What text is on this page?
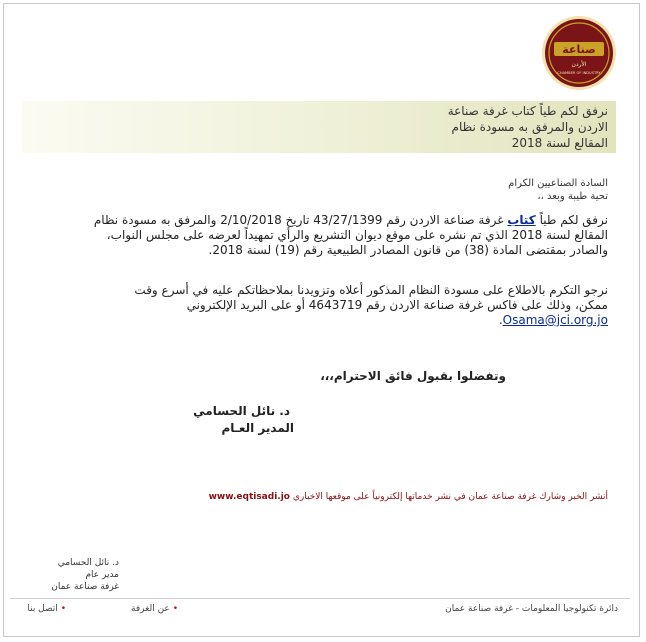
صناعة
الأردن
CHAMBER OF INDUSTRY
نرفق لكم طياً كتاب غرفة صناعة
الاردن والمرفق به مسودة نظام
المقالع لسنة 2018
السادة الصناعيين الكرام
تحية طيبة وبعد ،،
نرفق لكم طياً كتاب غرفة صناعة الاردن رقم 43/27/1399 تاريخ 2/10/2018 والمرفق به مسودة نظام
المقالع لسنة 2018 الذي تم نشره على موقع ديوان التشريع والرأي تمهيداً لعرضه على مجلس النواب،
والصادر بمقتضى المادة (38) من قانون المصادر الطبيعية رقم (19) لسنة 2018.
نرجو التكرم بالاطلاع على مسودة النظام المذكور أعلاه وتزويدنا بملاحظاتكم عليه في أسرع وقت
ممكن، وذلك على فاكس غرفة صناعة الاردن رقم 4643719 أو على البريد الإلكتروني
.Osama@jci.org.jo
وتفضلوا بقبول فائق الاحترام،،،
د. نائل الحسامي
المدير العـام
أنشر الخبر وشارك غرفة صناعة عمان في نشر خدماتها إلكترونياً على موقعها الاخباري www.eqtisadi.jo
د. نائل الحسامي
مدير عام
غرفة صناعة عمان
دائرة تكنولوجيا المعلومات - غرفة صناعة عمان
• عن الغرفة
• اتصل بنا
